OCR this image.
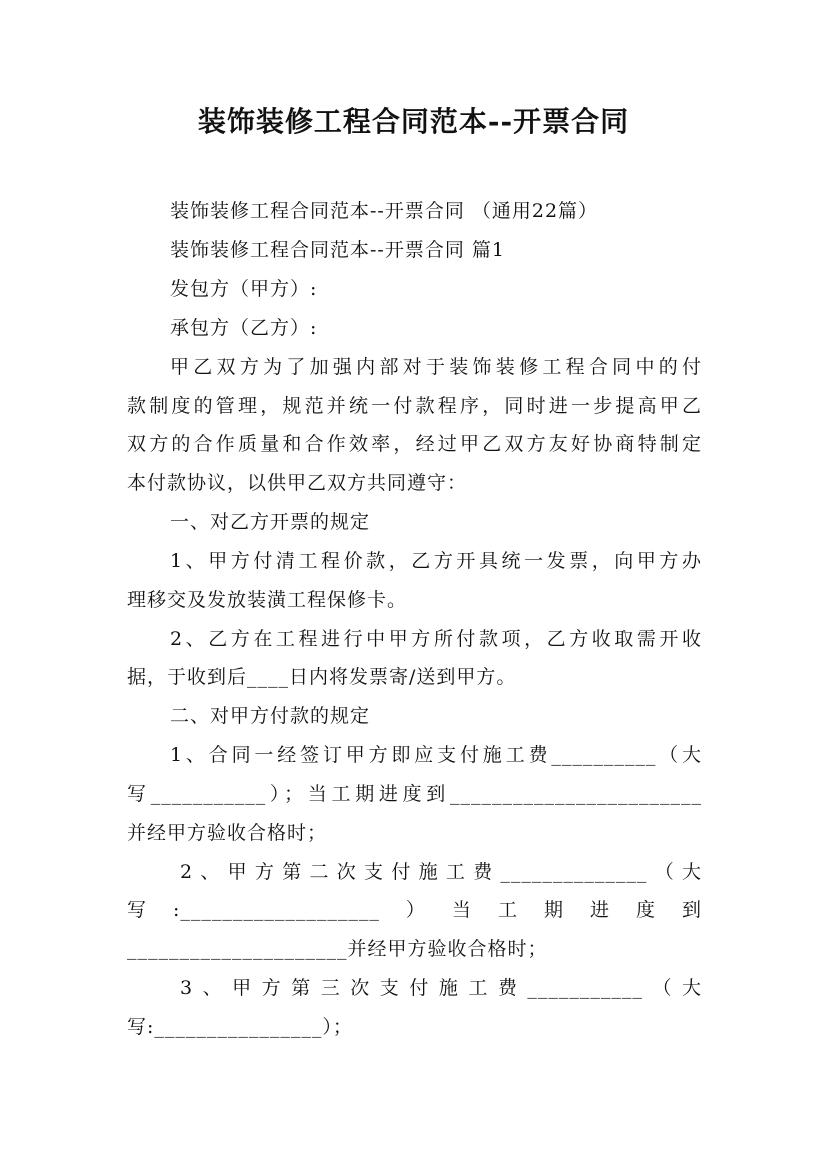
装饰装修工程合同范本--开票合同
装饰装修工程合同范本--开票合同 （通用22篇）
装饰装修工程合同范本--开票合同 篇1
发包方（甲方）:
承包方（乙方）:
甲乙双方为了加强内部对于装饰装修工程合同中的付
款制度的管理，规范并统一付款程序，同时进一步提高甲乙
双方的合作质量和合作效率，经过甲乙双方友好协商特制定
本付款协议，以供甲乙双方共同遵守：
一、对乙方开票的规定
1、甲方付清工程价款，乙方开具统一发票，向甲方办
理移交及发放装潢工程保修卡。
2、乙方在工程进行中甲方所付款项，乙方收取需开收
据，于收到后____日内将发票寄/送到甲方。
二、对甲方付款的规定
1、合同一经签订甲方即应支付施工费__________（大
写___________）；当工期进度到________________________
并经甲方验收合格时；
2、甲方第二次支付施工费______________（大
写:___________________）当工期进度到
_____________________并经甲方验收合格时；
3、甲方第三次支付施工费___________（大
写:________________）；
